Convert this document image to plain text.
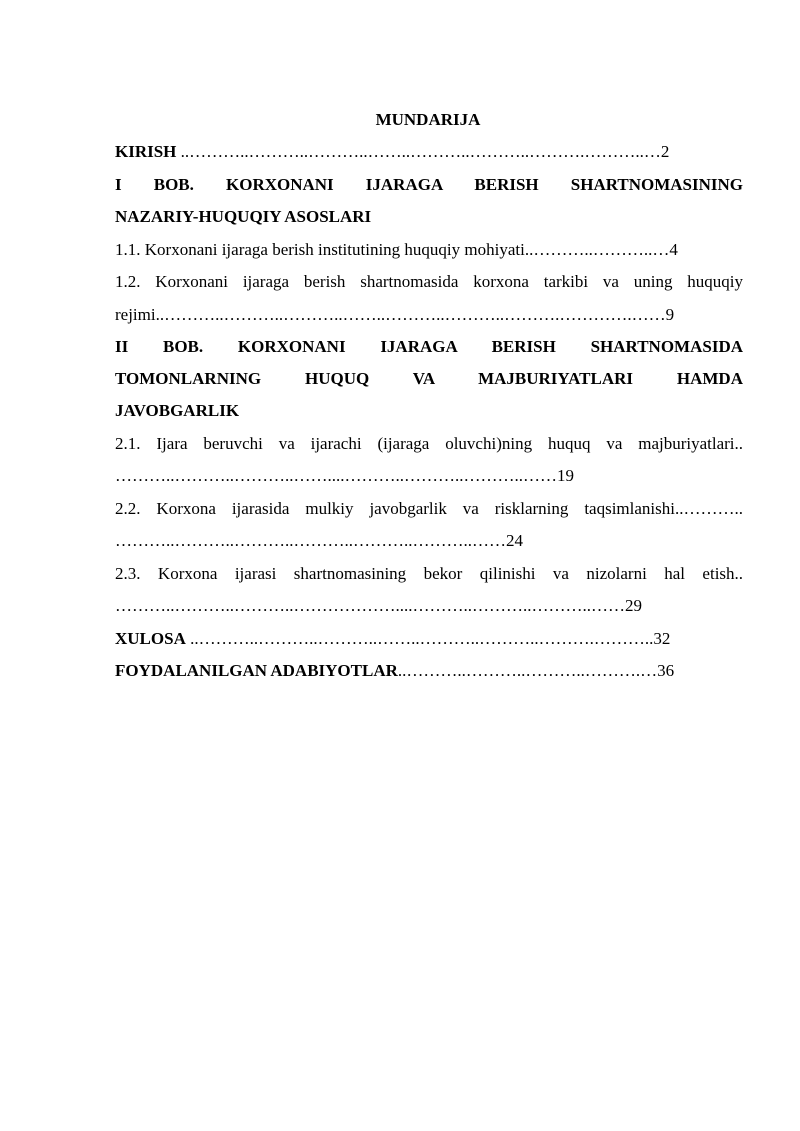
MUNDARIJA
KIRISH ..………..………..………..……..………..………..……….………..…2
I BOB. KORXONANI IJARAGA BERISH SHARTNOMASINING
NAZARIY-HUQUQIY ASOSLARI
1.1. Korxonani ijaraga berish institutining huquqiy mohiyati..………..………..…4
1.2. Korxonani ijaraga berish shartnomasida korxona tarkibi va uning huquqiy
rejimi..………..………..………..……..………..………..……….………….……9
II BOB. KORXONANI IJARAGA BERISH SHARTNOMASIDA
TOMONLARNING	HUQUQ	VA	MAJBURIYATLARI	HAMDA
JAVOBGARLIK
2.1. Ijara beruvchi va ijarachi (ijaraga oluvchi)ning huquq va majburiyatlari..
………..………..………..……....………..………..………..……19
2.2. Korxona ijarasida mulkiy javobgarlik va risklarning taqsimlanishi..………..
………..………..………..………..………..………..……24
2.3. Korxona ijarasi shartnomasining bekor qilinishi va nizolarni hal etish..
………..………..………..………………....………..………..………..……29
XULOSA ..………..………..………..……..………..………..……….………..32
FOYDALANILGAN ADABIYOTLAR..………..………..………..……….…36
